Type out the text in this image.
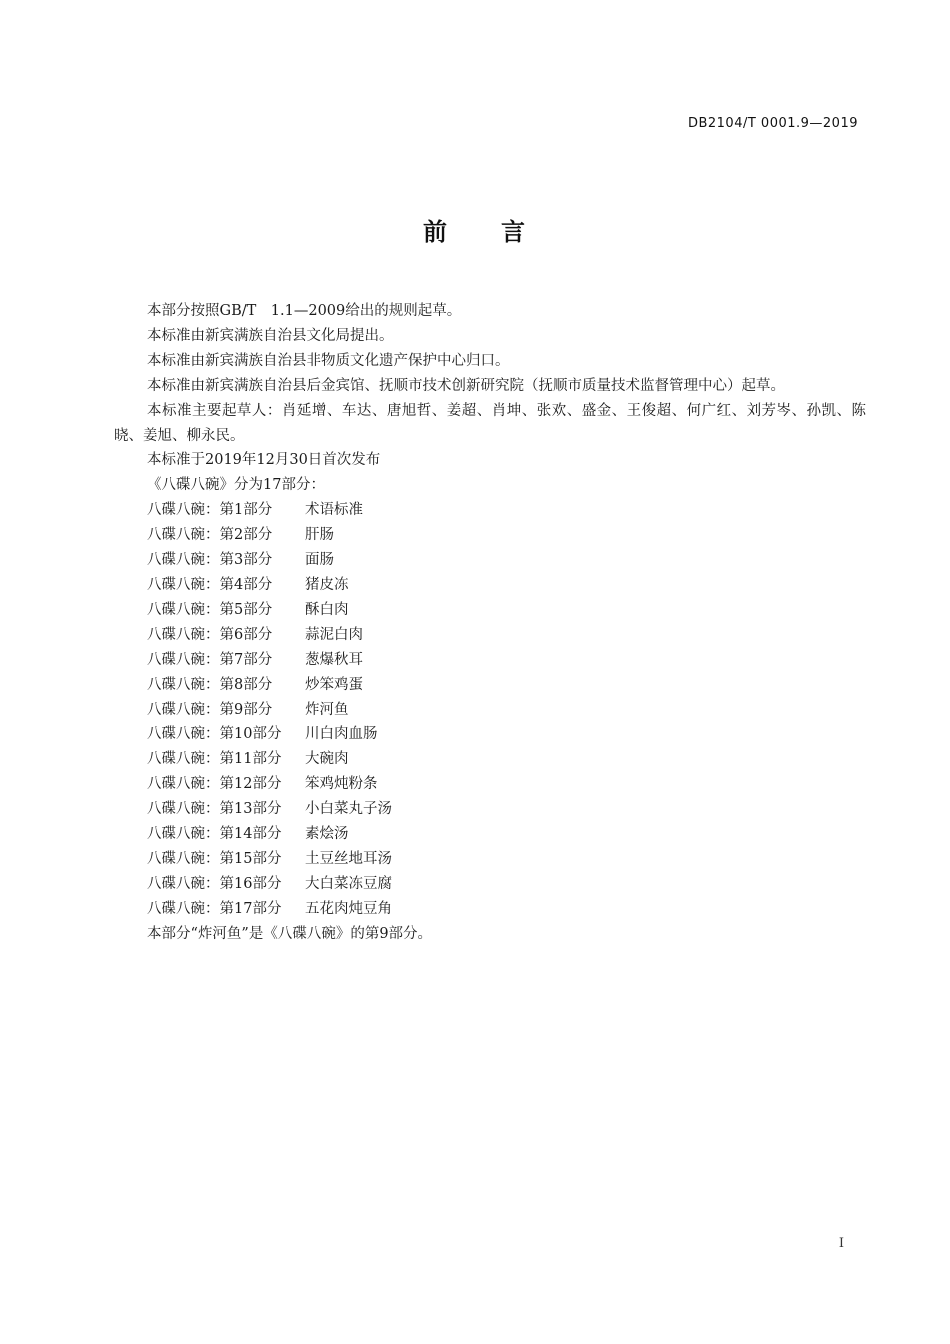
DB2104/T 0001.9—2019
前 言

本部分按照GB/T　1.1—2009给出的规则起草。

本标准由新宾满族自治县文化局提出。

本标准由新宾满族自治县非物质文化遗产保护中心归口。

本标准由新宾满族自治县后金宾馆、抚顺市技术创新研究院（抚顺市质量技术监督管理中心）起草。

本标准主要起草人：肖延增、车达、唐旭哲、姜超、肖坤、张欢、盛金、王俊超、何广红、刘芳岑、孙凯、陈晓、姜旭、柳永民。

本标准于2019年12月30日首次发布

《八碟八碗》分为17部分：

八碟八碗：第1部分 术语标准

八碟八碗：第2部分 肝肠

八碟八碗：第3部分 面肠

八碟八碗：第4部分 猪皮冻

八碟八碗：第5部分 酥白肉

八碟八碗：第6部分 蒜泥白肉

八碟八碗：第7部分 葱爆秋耳

八碟八碗：第8部分 炒笨鸡蛋

八碟八碗：第9部分 炸河鱼

八碟八碗：第10部分 川白肉血肠

八碟八碗：第11部分 大碗肉

八碟八碗：第12部分 笨鸡炖粉条

八碟八碗：第13部分 小白菜丸子汤

八碟八碗：第14部分 素烩汤

八碟八碗：第15部分 土豆丝地耳汤

八碟八碗：第16部分 大白菜冻豆腐

八碟八碗：第17部分 五花肉炖豆角

本部分“炸河鱼”是《八碟八碗》的第9部分。

I
